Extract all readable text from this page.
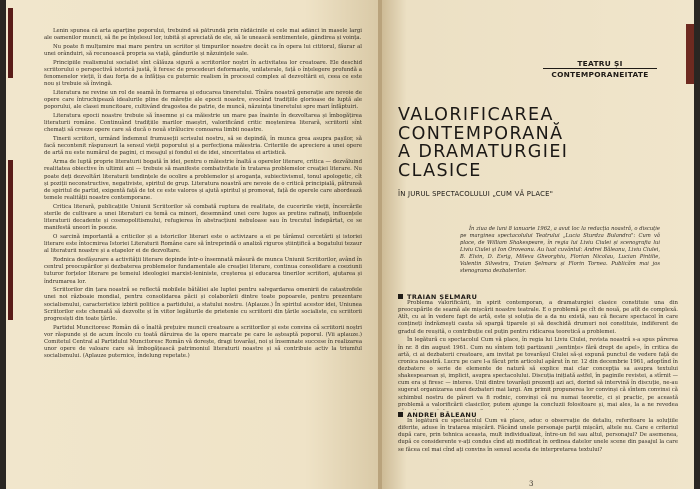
Lenin spunea că arta aparține poporului, trebuind să pătrundă prin rădăcinile ei cele mai adânci în masele largi ale oamenilor muncii, să fie pe înțelesul lor, iubită și apreciată de ele, să le unească sentimentele, gândirea și voința.

Nu poate fi mulțumire mai mare pentru un scriitor și timpurilor noastre decât ca în opera lui cititorul, făurar al unei orânduiri, să recunoască propria sa viață, gândurile și năzuințele sale.

Principiile realismului socialist sînt călăuza sigură a scriitorilor noștri în activitatea lor creatoare. Ele deschid scriitorului o perspectivă istorică justă, îi feresc de procedeuri deformante, unilaterale, față o înțelegere profundă a fenomenelor vieții, îi dau forța de a înfățișa cu puternic realism în procesul complex al dezvoltării ei, ceea ce este nou și trebuie să învingă.

Literatura ne revine un rol de seamă în formarea și educarea tineretului. Tînăra noastră generație are nevoie de opere care întruchipează idealurile pline de măreție ale epocii noastre, evocând tradițiile glorioase de luptă ale poporului, ale clasei muncitoare, cultivând dragostea de patrie, de muncă, năzuința tineretului spre mari înfăptuiri.

Literatura epocii noastre trebuie să însemne și ca măiestrie un mare pas înainte în dezvoltarea și îmbogățirea literaturii române. Continuând tradițiile marilor maeștri, valorificând critic moștenirea literară, scriitorii sînt chemați să creeze opere care să ducă o nouă strălucire comoarea limbii noastre.

Tinerii scriitori, urmând îndemnul frumuseții scrisului nostru, să se depindă, în munca grea asupra pașilor, să facă necontenit răspunsuri la sensul vieții poporului și a perfecționa măiestria. Criteriile de apreciere a unei opere de artă nu este numărul de pagini, ci mesajul și fondul ei de idei, sinceritatea ei artistică.

Arma de luptă proprie literaturii bogată în idei, pentru o măiestrie înaltă a operelor literare, critica — dezvăluind realitatea obiective în ultimii ani — trebuie să manifeste combativitate în tratarea problemelor creației literare. Nu poate deți dezvoltări literaturii tendințele de ocolire a problemelor și aroganța, subiectivismul, tonul apologetic, cît și poziții neconstructive, negativiste, spiritul de grup. Literatura noastră are nevoie de o critică principială, pătrunsă de spiritul de partid, exigentă față de tot ce este valoros și ajută spiritul și promovat, față de operele care abordează temele realității noastre contemporane.

Critica literară, publicațiile Uniunii Scriitorilor să combată ruptura de realitate, de cuceririle vieții, încercările sterile de cultivare a unei literaturi cu temă ca minori, desemnând unei cere lugos as pretins rafinați, influențele literaturii decadente și cosmopolitismului, refugierea în abstracțiuni nebuloase sau în trecutul îndepărtat, ce se manifestă uneori în poezie.

O sarcină importantă a criticilor și a istoricilor literari este o activizare a ei pe tărâmul cercetării și istoriei literare este întocmirea Istoriei Literaturii Române care să întreprindă o analiză riguros științifică a bogatului tezaur al literaturii noastre și a etapelor ei de dezvoltare.

Rodnica desfășurare a activității literare depinde într-o însemnată măsură de munca Uniunii Scriitorilor, având în centrul preocupărilor și dezbaterea problemelor fundamentale ale creației literare, continua consolidare a coeziunii tuturor forțelor literare pe temeiul ideologiei marxist-leniniste, creșterea și educarea tinerilor scriitori, ajutarea și îndrumarea lor.

Scriitorilor din țara noastră se reflectă mobilele bătăliei ale luptei pentru salvgardarea omenirii de catastrofele unei noi războaie mondial, pentru consolidarea păcii și colaborării dintre toate popoarele, pentru prezentare socialismului, caracteristice izbirii politice a partidului, a statului nostru. (Aplauze.) În spiritul acestor idei, Uniunea Scriitorilor este chemată să dezvolte și în viitor legăturile de prietenie cu scriitorii din țările socialiste, cu scriitorii progresiști din toate țările.

Partidul Muncitoresc Român dă o înaltă prețuire muncii creatoare a scriitorilor și este convins că scriitorii noștri vor răspunde și de acum încolo cu toată dăruirea de la opere marcate pe care le așteaptă poporul. (Vii aplauze.) Comitetul Central al Partidului Muncitoresc Român vă dorește, dragi tovarăși, noi și însemnate succese în realizarea unor opere de valoare care să îmbogățească patrimoniul literaturii noastre și să contribuie activ la triumful socialismului. (Aplauze puternice, îndelung repetate.)

TEATRU ȘI
CONTEMPORANEITATE
VALORIFICAREA
CONTEMPORANĂ
A DRAMATURGIEI
CLASICE
ÎN JURUL SPECTACOLULUI „CUM VĂ PLACE"

În ziua de luni 8 ianuarie 1962, a avut loc la redacția noastră, o discuție pe marginea spectacolului Teatrului „Lucia Sturdza Bulandra": Cum vă place, de William Shakespeare, în regia lui Liviu Ciulei și scenografia lui Liviu Ciulei și Ion Oroveanu. Au luat cuvântul: Andrei Băleanu, Liviu Ciulei, B. Elvin, D. Esrig, Mileva Gheorghiu, Florian Nicolau, Lucian Pintilie, Valentin Silvestru, Traian Șelmaru și Florin Tornea. Publicăm mai jos stenograma dezbaterilor.

TRAIAN ȘELMARU

Problema valorificării, în spirit contemporan, a dramaturgiei clasice constituie una din preocupările de seamă ale mișcării noastre teatrale. E o problemă pe cît de nouă, pe atît de complexă. Atît, cu ai în vedere fapt de artă, este și soluția de a da nu există, sau că fiecare spectacol în care conțineți îndrăznești cauta să spargă tiparele și să deschidă drumuri noi constituie, indiferent de gradul de reușită, o contribuție cel puțin pentru ridicarea teoretică a problemei.

În legătură cu spectacolul Cum vă place, în regia lui Liviu Ciulei, revista noastră s-a spus părerea în nr. 8 din august 1961. Cum nu sîntem toți partizanii „sentințe» fără drept de apel», în critica de artă, ci ai dezbaterii creatoare, am invitat pe tovarășul Ciulei să-și expună punctul de vedere față de cronica noastră. Lucru pe care l-a făcut prin articolul apărut în nr. 12 din decembrie 1961, adoptînd în dezbatere o serie de elemente de natură să explice mai clar concepția sa asupra textului shakespearean și, implicit, asupra spectacolului. Discuția inițiată astfel, în paginile revistei, a stîrnit — cum era și firesc — interes. Unii dintre tovarășii prezenți azi aci, dorind să intervină în discuție, ne-au sugerat organizarea unei dezbateri mai largi. Am primit propunerea lor convinși că sîntem convinsi că schimbul nostru de păreri va fi rodnic, convinși că nu numai teoretic, ci și practic, pe această problemă a valorificării clasicilor, putem ajunge la concluzii folositoare și, mai ales, la a ne revedea

ANDREI BĂLEANU

În legătură cu spectacolul Cum vă place, aduc o observație de detaliu, referitoare la soluțiile diferite, aduse în tratarea mișcării. Făcând unele personaje parții mișcări, altele nu. Care e criteriul după care, prin tehnica aceasta, mult individualizat, între-un fel sau altul, personajul? De asemenea, după ce considerente v-ați condus cînd ați modificat în ordinea datelor unele scene din pasajul la care se făcea cel mai cînd ați convins în sensul acesta de interpretarea textului?

3
